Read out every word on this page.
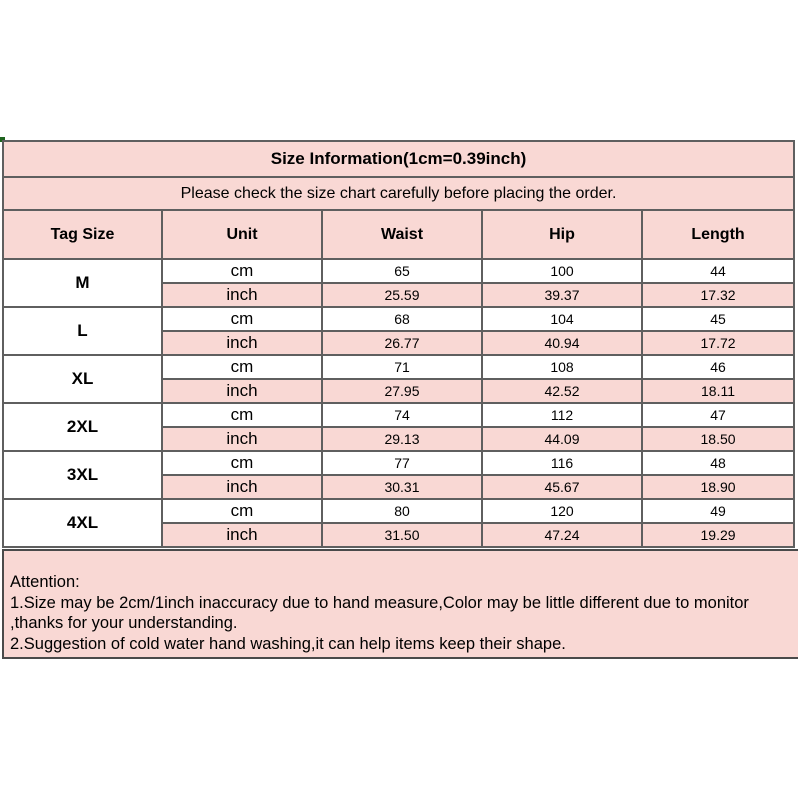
Size Information(1cm=0.39inch)				
Please check the size chart carefully before placing the order.				
Tag Size	Unit	Waist	Hip	Length
M	cm	65	100	44
	inch	25.59	39.37	17.32
L	cm	68	104	45
	inch	26.77	40.94	17.72
XL	cm	71	108	46
	inch	27.95	42.52	18.11
2XL	cm	74	112	47
	inch	29.13	44.09	18.50
3XL	cm	77	116	48
	inch	30.31	45.67	18.90
4XL	cm	80	120	49
	inch	31.50	47.24	19.29
Attention:
1.Size may be 2cm/1inch inaccuracy due to hand measure,Color may be little different due to monitor
,thanks for your understanding.
2.Suggestion of cold water hand washing,it can help items keep their shape.
